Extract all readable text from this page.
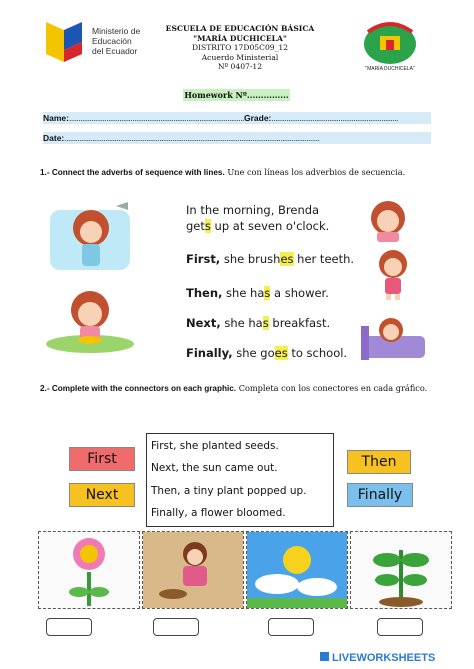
Ministerio de
Educación
del Ecuador
ESCUELA DE EDUCACIÓN BÁSICA
"MARÍA DUCHICELA"
DISTRITO 17D05C09_12
Acuerdo Ministerial
Nº 0407-12	"MARÍA DUCHICELA"
Homework Nº...............
Name:..............................................................................................Grade:....................................................................
Date:.........................................................................................................................................
1.- Connect the adverbs of sequence with lines. Une con líneas los adverbios de secuencia.
In the morning, Brenda
gets up at seven o'clock.
First, she brushes her teeth.
Then, she has a shower.
Next, she has breakfast.
Finally, she goes to school.
2.- Complete with the connectors on each graphic. Completa con los conectores en cada gráfico.
First
Next
Then
Finally
First, she planted seeds.
Next, the sun came out.
Then, a tiny plant popped up.
Finally, a flower bloomed.
LIVEWORKSHEETS
